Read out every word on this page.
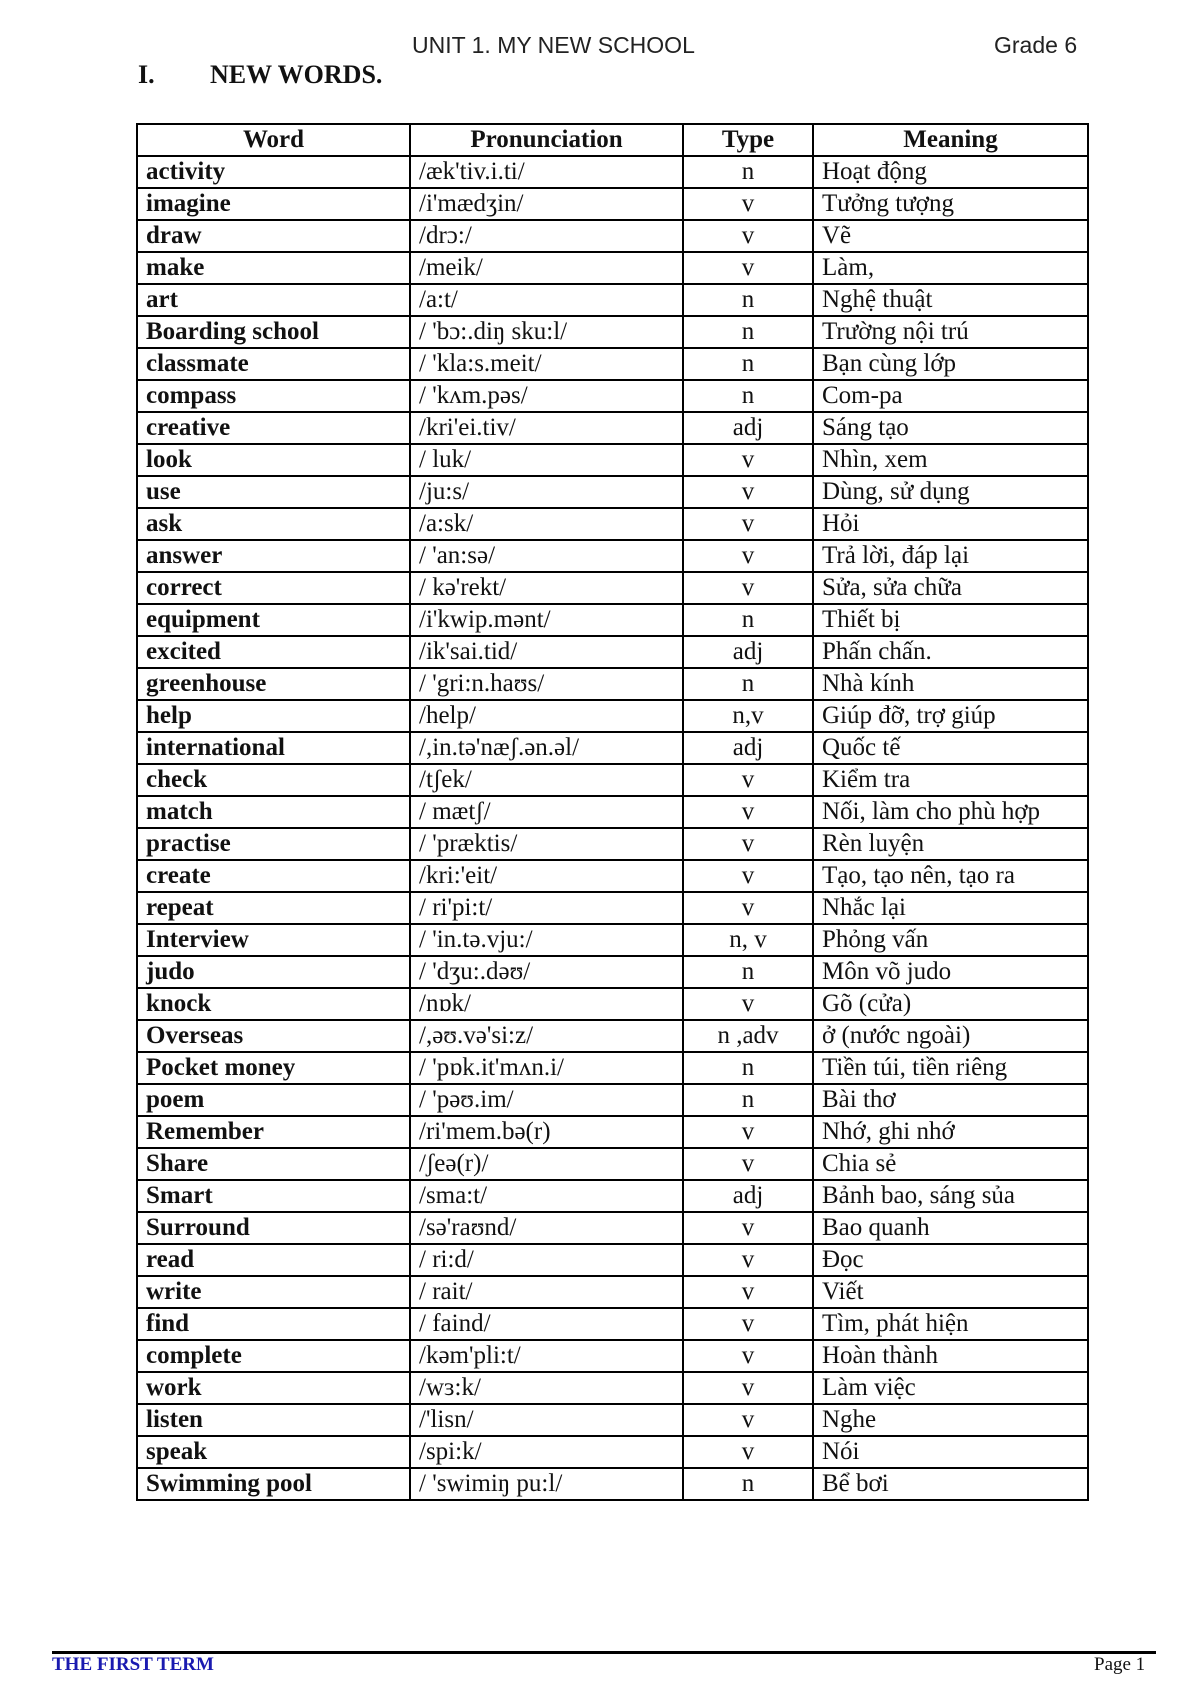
UNIT 1. MY NEW SCHOOL	Grade 6
I. NEW WORDS.
Word	Pronunciation	Type	Meaning
activity	/æk'tiv.i.ti/	n	Hoạt động
imagine	/i'mædʒin/	v	Tưởng tượng
draw	/drɔ:/	v	Vẽ
make	/meik/	v	Làm,
art	/a:t/	n	Nghệ thuật
Boarding school	/ 'bɔ:.diŋ sku:l/	n	Trường nội trú
classmate	/ 'kla:s.meit/	n	Bạn cùng lớp
compass	/ 'kʌm.pəs/	n	Com-pa
creative	/kri'ei.tiv/	adj	Sáng tạo
look	/ luk/	v	Nhìn, xem
use	/ju:s/	v	Dùng, sử dụng
ask	/a:sk/	v	Hỏi
answer	/ 'an:sə/	v	Trả lời, đáp lại
correct	/ kə'rekt/	v	Sửa, sửa chữa
equipment	/i'kwip.mənt/	n	Thiết bị
excited	/ik'sai.tid/	adj	Phấn chấn.
greenhouse	/ 'gri:n.haʊs/	n	Nhà kính
help	/help/	n,v	Giúp đỡ, trợ giúp
international	/,in.tə'næʃ.ən.əl/	adj	Quốc tế
check	/tʃek/	v	Kiểm tra
match	/ mætʃ/	v	Nối, làm cho phù hợp
practise	/ 'præktis/	v	Rèn luyện
create	/kri:'eit/	v	Tạo, tạo nên, tạo ra
repeat	/ ri'pi:t/	v	Nhắc lại
Interview	/ 'in.tə.vju:/	n, v	Phỏng vấn
judo	/ 'dʒu:.dəʊ/	n	Môn võ judo
knock	/nɒk/	v	Gõ (cửa)
Overseas	/,əʊ.və'si:z/	n ,adv	ở (nước ngoài)
Pocket money	/ 'pɒk.it'mʌn.i/	n	Tiền túi, tiền riêng
poem	/ 'pəʊ.im/	n	Bài thơ
Remember	/ri'mem.bə(r)	v	Nhớ, ghi nhớ
Share	/ʃeə(r)/	v	Chia sẻ
Smart	/sma:t/	adj	Bảnh bao, sáng sủa
Surround	/sə'raʊnd/	v	Bao quanh
read	/ ri:d/	v	Đọc
write	/ rait/	v	Viết
find	/ faind/	v	Tìm, phát hiện
complete	/kəm'pli:t/	v	Hoàn thành
work	/wɜ:k/	v	Làm việc
listen	/'lisn/	v	Nghe
speak	/spi:k/	v	Nói
Swimming pool	/ 'swimiŋ pu:l/	n	Bể bơi
THE FIRST TERM	Page 1
